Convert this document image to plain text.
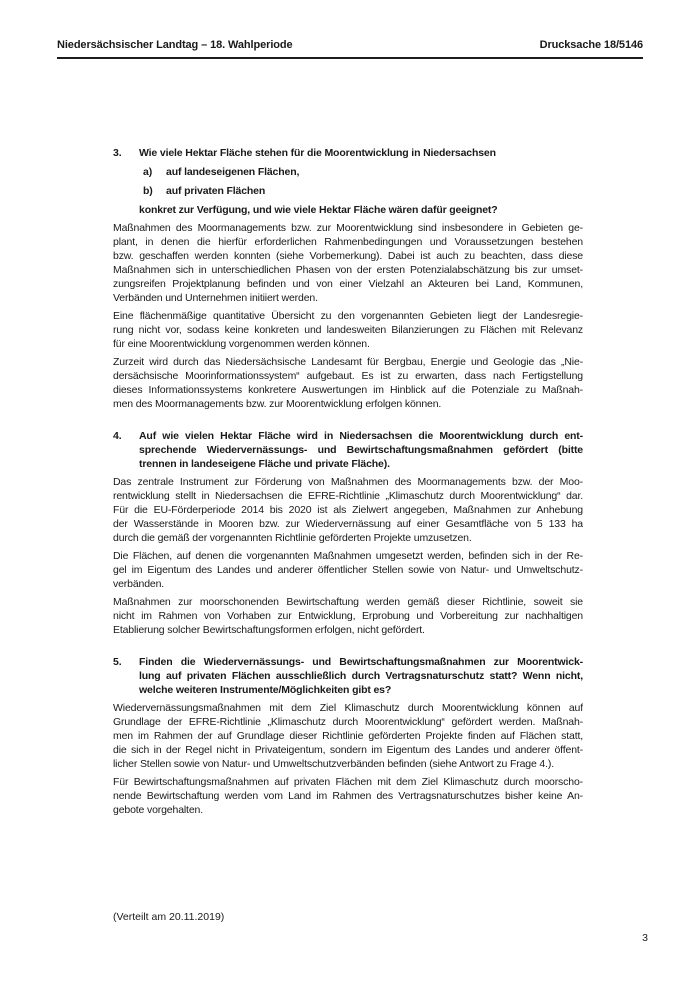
Niedersächsischer Landtag – 18. Wahlperiode	Drucksache 18/5146
3.	Wie viele Hektar Fläche stehen für die Moorentwicklung in Niedersachsen
a)	auf landeseigenen Flächen,
b)	auf privaten Flächen
konkret zur Verfügung, und wie viele Hektar Fläche wären dafür geeignet?
Maßnahmen des Moormanagements bzw. zur Moorentwicklung sind insbesondere in Gebieten ge-
plant, in denen die hierfür erforderlichen Rahmenbedingungen und Voraussetzungen bestehen
bzw. geschaffen werden konnten (siehe Vorbemerkung). Dabei ist auch zu beachten, dass diese
Maßnahmen sich in unterschiedlichen Phasen von der ersten Potenzialabschätzung bis zur umset-
zungsreifen Projektplanung befinden und von einer Vielzahl an Akteuren bei Land, Kommunen,
Verbänden und Unternehmen initiiert werden.
Eine flächenmäßige quantitative Übersicht zu den vorgenannten Gebieten liegt der Landesregie-
rung nicht vor, sodass keine konkreten und landesweiten Bilanzierungen zu Flächen mit Relevanz
für eine Moorentwicklung vorgenommen werden können.
Zurzeit wird durch das Niedersächsische Landesamt für Bergbau, Energie und Geologie das „Nie-
dersächsische Moorinformationssystem“ aufgebaut. Es ist zu erwarten, dass nach Fertigstellung
dieses Informationssystems konkretere Auswertungen im Hinblick auf die Potenziale zu Maßnah-
men des Moormanagements bzw. zur Moorentwicklung erfolgen können.
4.	Auf wie vielen Hektar Fläche wird in Niedersachsen die Moorentwicklung durch ent-
sprechende Wiedervernässungs- und Bewirtschaftungsmaßnahmen gefördert (bitte
trennen in landeseigene Fläche und private Fläche).
Das zentrale Instrument zur Förderung von Maßnahmen des Moormanagements bzw. der Moo-
rentwicklung stellt in Niedersachsen die EFRE-Richtlinie „Klimaschutz durch Moorentwicklung“ dar.
Für die EU-Förderperiode 2014 bis 2020 ist als Zielwert angegeben, Maßnahmen zur Anhebung
der Wasserstände in Mooren bzw. zur Wiedervernässung auf einer Gesamtfläche von 5 133 ha
durch die gemäß der vorgenannten Richtlinie geförderten Projekte umzusetzen.
Die Flächen, auf denen die vorgenannten Maßnahmen umgesetzt werden, befinden sich in der Re-
gel im Eigentum des Landes und anderer öffentlicher Stellen sowie von Natur- und Umweltschutz-
verbänden.
Maßnahmen zur moorschonenden Bewirtschaftung werden gemäß dieser Richtlinie, soweit sie
nicht im Rahmen von Vorhaben zur Entwicklung, Erprobung und Vorbereitung zur nachhaltigen
Etablierung solcher Bewirtschaftungsformen erfolgen, nicht gefördert.
5.	Finden die Wiedervernässungs- und Bewirtschaftungsmaßnahmen zur Moorentwick-
lung auf privaten Flächen ausschließlich durch Vertragsnaturschutz statt? Wenn nicht,
welche weiteren Instrumente/Möglichkeiten gibt es?
Wiedervernässungsmaßnahmen mit dem Ziel Klimaschutz durch Moorentwicklung können auf
Grundlage der EFRE-Richtlinie „Klimaschutz durch Moorentwicklung“ gefördert werden. Maßnah-
men im Rahmen der auf Grundlage dieser Richtlinie geförderten Projekte finden auf Flächen statt,
die sich in der Regel nicht in Privateigentum, sondern im Eigentum des Landes und anderer öffent-
licher Stellen sowie von Natur- und Umweltschutzverbänden befinden (siehe Antwort zu Frage 4.).
Für Bewirtschaftungsmaßnahmen auf privaten Flächen mit dem Ziel Klimaschutz durch moorscho-
nende Bewirtschaftung werden vom Land im Rahmen des Vertragsnaturschutzes bisher keine An-
gebote vorgehalten.
(Verteilt am 20.11.2019)
3
